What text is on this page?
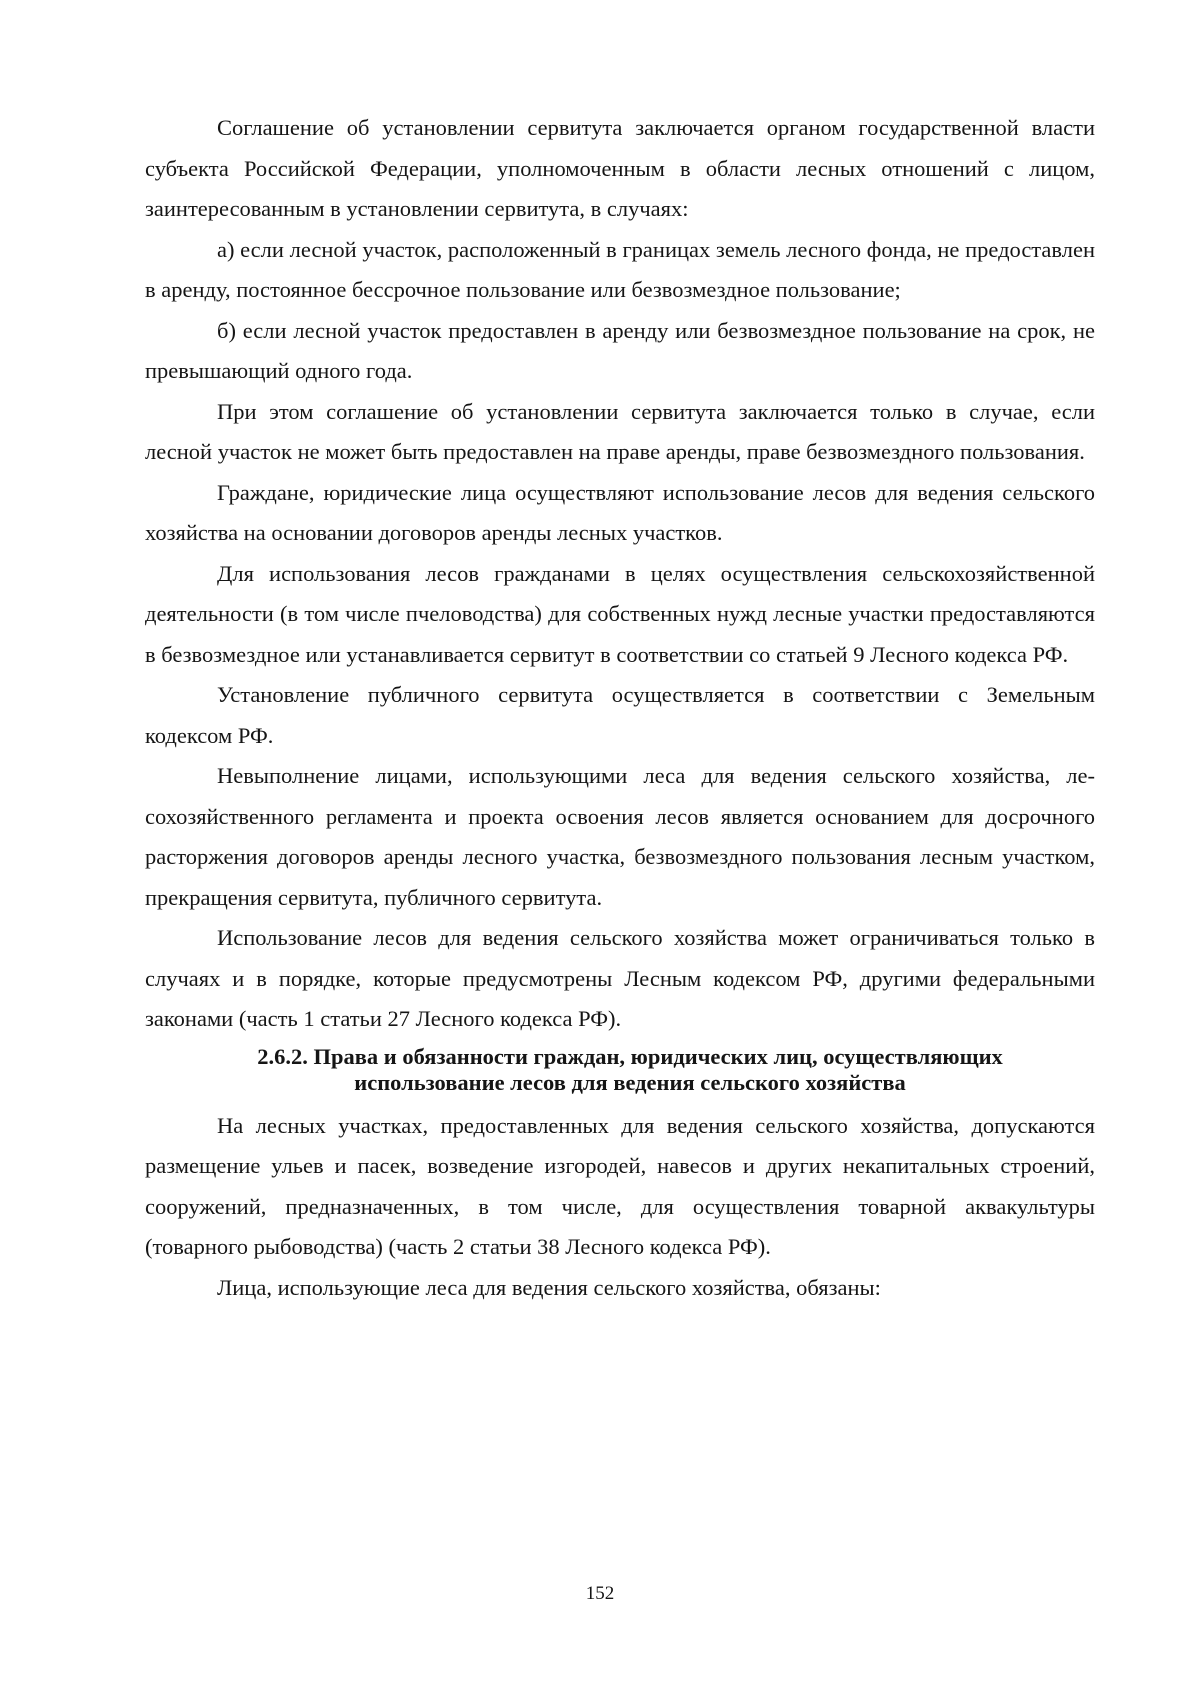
Соглашение об установлении сервитута заключается органом государственной власти субъекта Российской Федерации, уполномоченным в области лесных отношений с лицом, заинтересованным в установлении сервитута, в случаях:

а) если лесной участок, расположенный в границах земель лесного фонда, не предоставлен в аренду, постоянное бессрочное пользование или безвозмездное пользование;

б) если лесной участок предоставлен в аренду или безвозмездное пользование на срок, не превышающий одного года.

При этом соглашение об установлении сервитута заключается только в случае, если лесной участок не может быть предоставлен на праве аренды, праве безвозмездного пользования.

Граждане, юридические лица осуществляют использование лесов для ведения сельского хозяйства на основании договоров аренды лесных участков.

Для использования лесов гражданами в целях осуществления сельскохозяйственной деятельности (в том числе пчеловодства) для собственных нужд лесные участки предоставляются в безвозмездное или устанавливается сервитут в соответствии со статьей 9 Лесного кодекса РФ.

Установление публичного сервитута осуществляется в соответствии с Земельным кодексом РФ.

Невыполнение лицами, использующими леса для ведения сельского хозяйства, лесохозяйственного регламента и проекта освоения лесов является основанием для досрочного расторжения договоров аренды лесного участка, безвозмездного пользования лесным участком, прекращения сервитута, публичного сервитута.

Использование лесов для ведения сельского хозяйства может ограничиваться только в случаях и в порядке, которые предусмотрены Лесным кодексом РФ, другими федеральными законами (часть 1 статьи 27 Лесного кодекса РФ).

2.6.2. Права и обязанности граждан, юридических лиц, осуществляющих
использование лесов для ведения сельского хозяйства

На лесных участках, предоставленных для ведения сельского хозяйства, допускаются размещение ульев и пасек, возведение изгородей, навесов и других некапитальных строений, сооружений, предназначенных, в том числе, для осуществления товарной аквакультуры (товарного рыбоводства) (часть 2 статьи 38 Лесного кодекса РФ).

Лица, использующие леса для ведения сельского хозяйства, обязаны:

152
